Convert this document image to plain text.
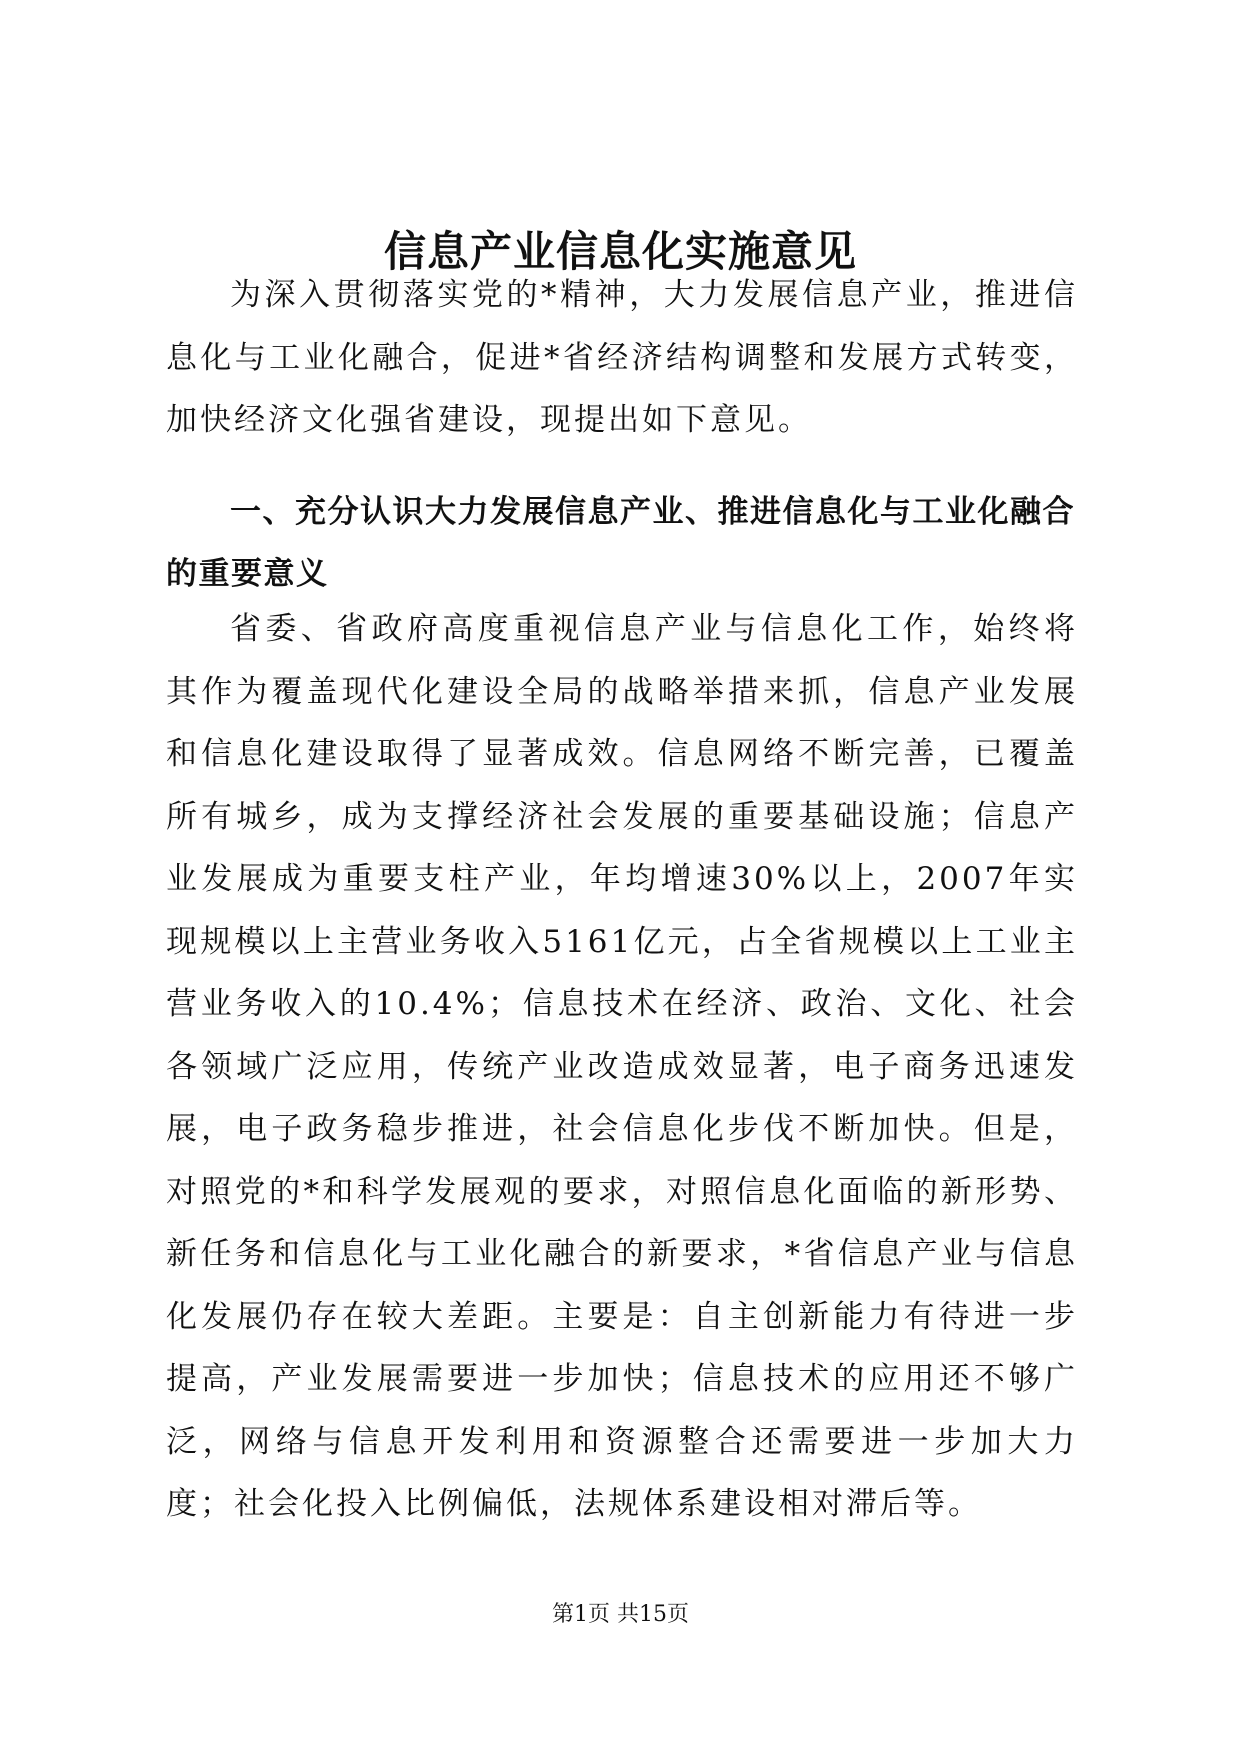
信息产业信息化实施意见
为深入贯彻落实党的*精神，大力发展信息产业，推进信息化与工业化融合，促进*省经济结构调整和发展方式转变，加快经济文化强省建设，现提出如下意见。
一、充分认识大力发展信息产业、推进信息化与工业化融合的重要意义
省委、省政府高度重视信息产业与信息化工作，始终将其作为覆盖现代化建设全局的战略举措来抓，信息产业发展和信息化建设取得了显著成效。信息网络不断完善，已覆盖所有城乡，成为支撑经济社会发展的重要基础设施；信息产业发展成为重要支柱产业，年均增速30%以上，2007年实现规模以上主营业务收入5161亿元，占全省规模以上工业主营业务收入的10.4%；信息技术在经济、政治、文化、社会各领域广泛应用，传统产业改造成效显著，电子商务迅速发展，电子政务稳步推进，社会信息化步伐不断加快。但是，对照党的*和科学发展观的要求，对照信息化面临的新形势、新任务和信息化与工业化融合的新要求，*省信息产业与信息化发展仍存在较大差距。主要是：自主创新能力有待进一步提高，产业发展需要进一步加快；信息技术的应用还不够广泛，网络与信息开发利用和资源整合还需要进一步加大力度；社会化投入比例偏低，法规体系建设相对滞后等。
第1页 共15页
